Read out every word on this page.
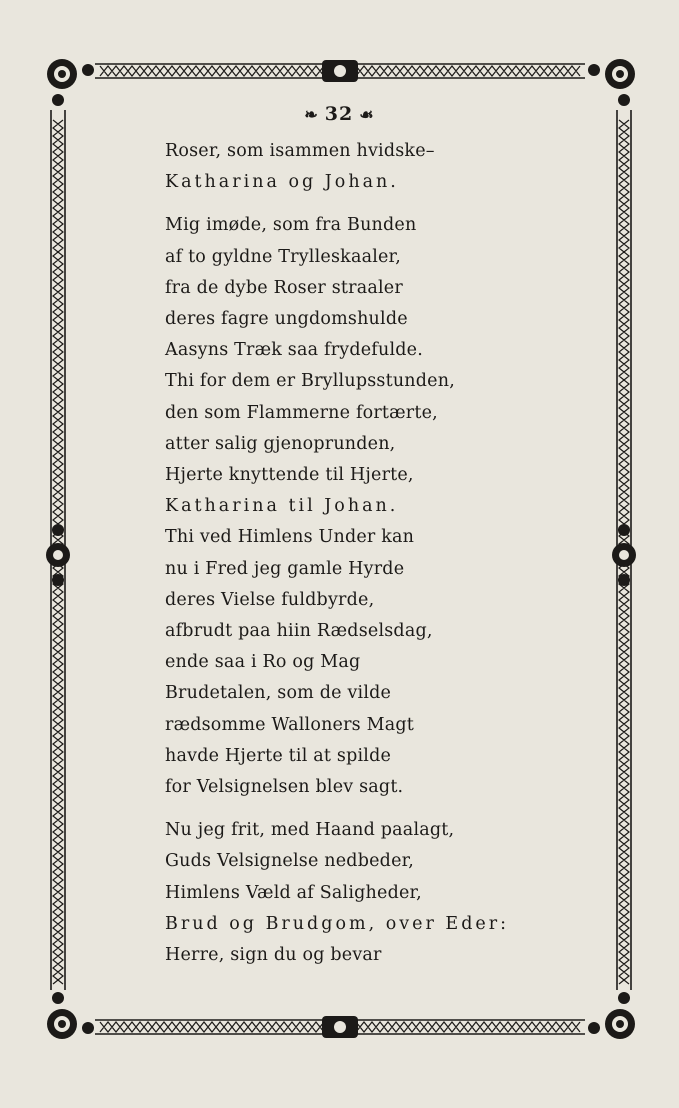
❧ 32 ☙
Roser, som isammen hvidske–
Katharina og Johan.
Mig imøde, som fra Bunden
af to gyldne Trylleskaaler,
fra de dybe Roser straaler
deres fagre ungdomshulde
Aasyns Træk saa frydefulde.
Thi for dem er Bryllupsstunden,
den som Flammerne fortærte,
atter salig gjenoprunden,
Hjerte knyttende til Hjerte,
Katharina til Johan.
Thi ved Himlens Under kan
nu i Fred jeg gamle Hyrde
deres Vielse fuldbyrde,
afbrudt paa hiin Rædselsdag,
ende saa i Ro og Mag
Brudetalen, som de vilde
rædsomme Walloners Magt
havde Hjerte til at spilde
for Velsignelsen blev sagt.
Nu jeg frit, med Haand paalagt,
Guds Velsignelse nedbeder,
Himlens Væld af Saligheder,
Brud og Brudgom, over Eder:
Herre, sign du og bevar
